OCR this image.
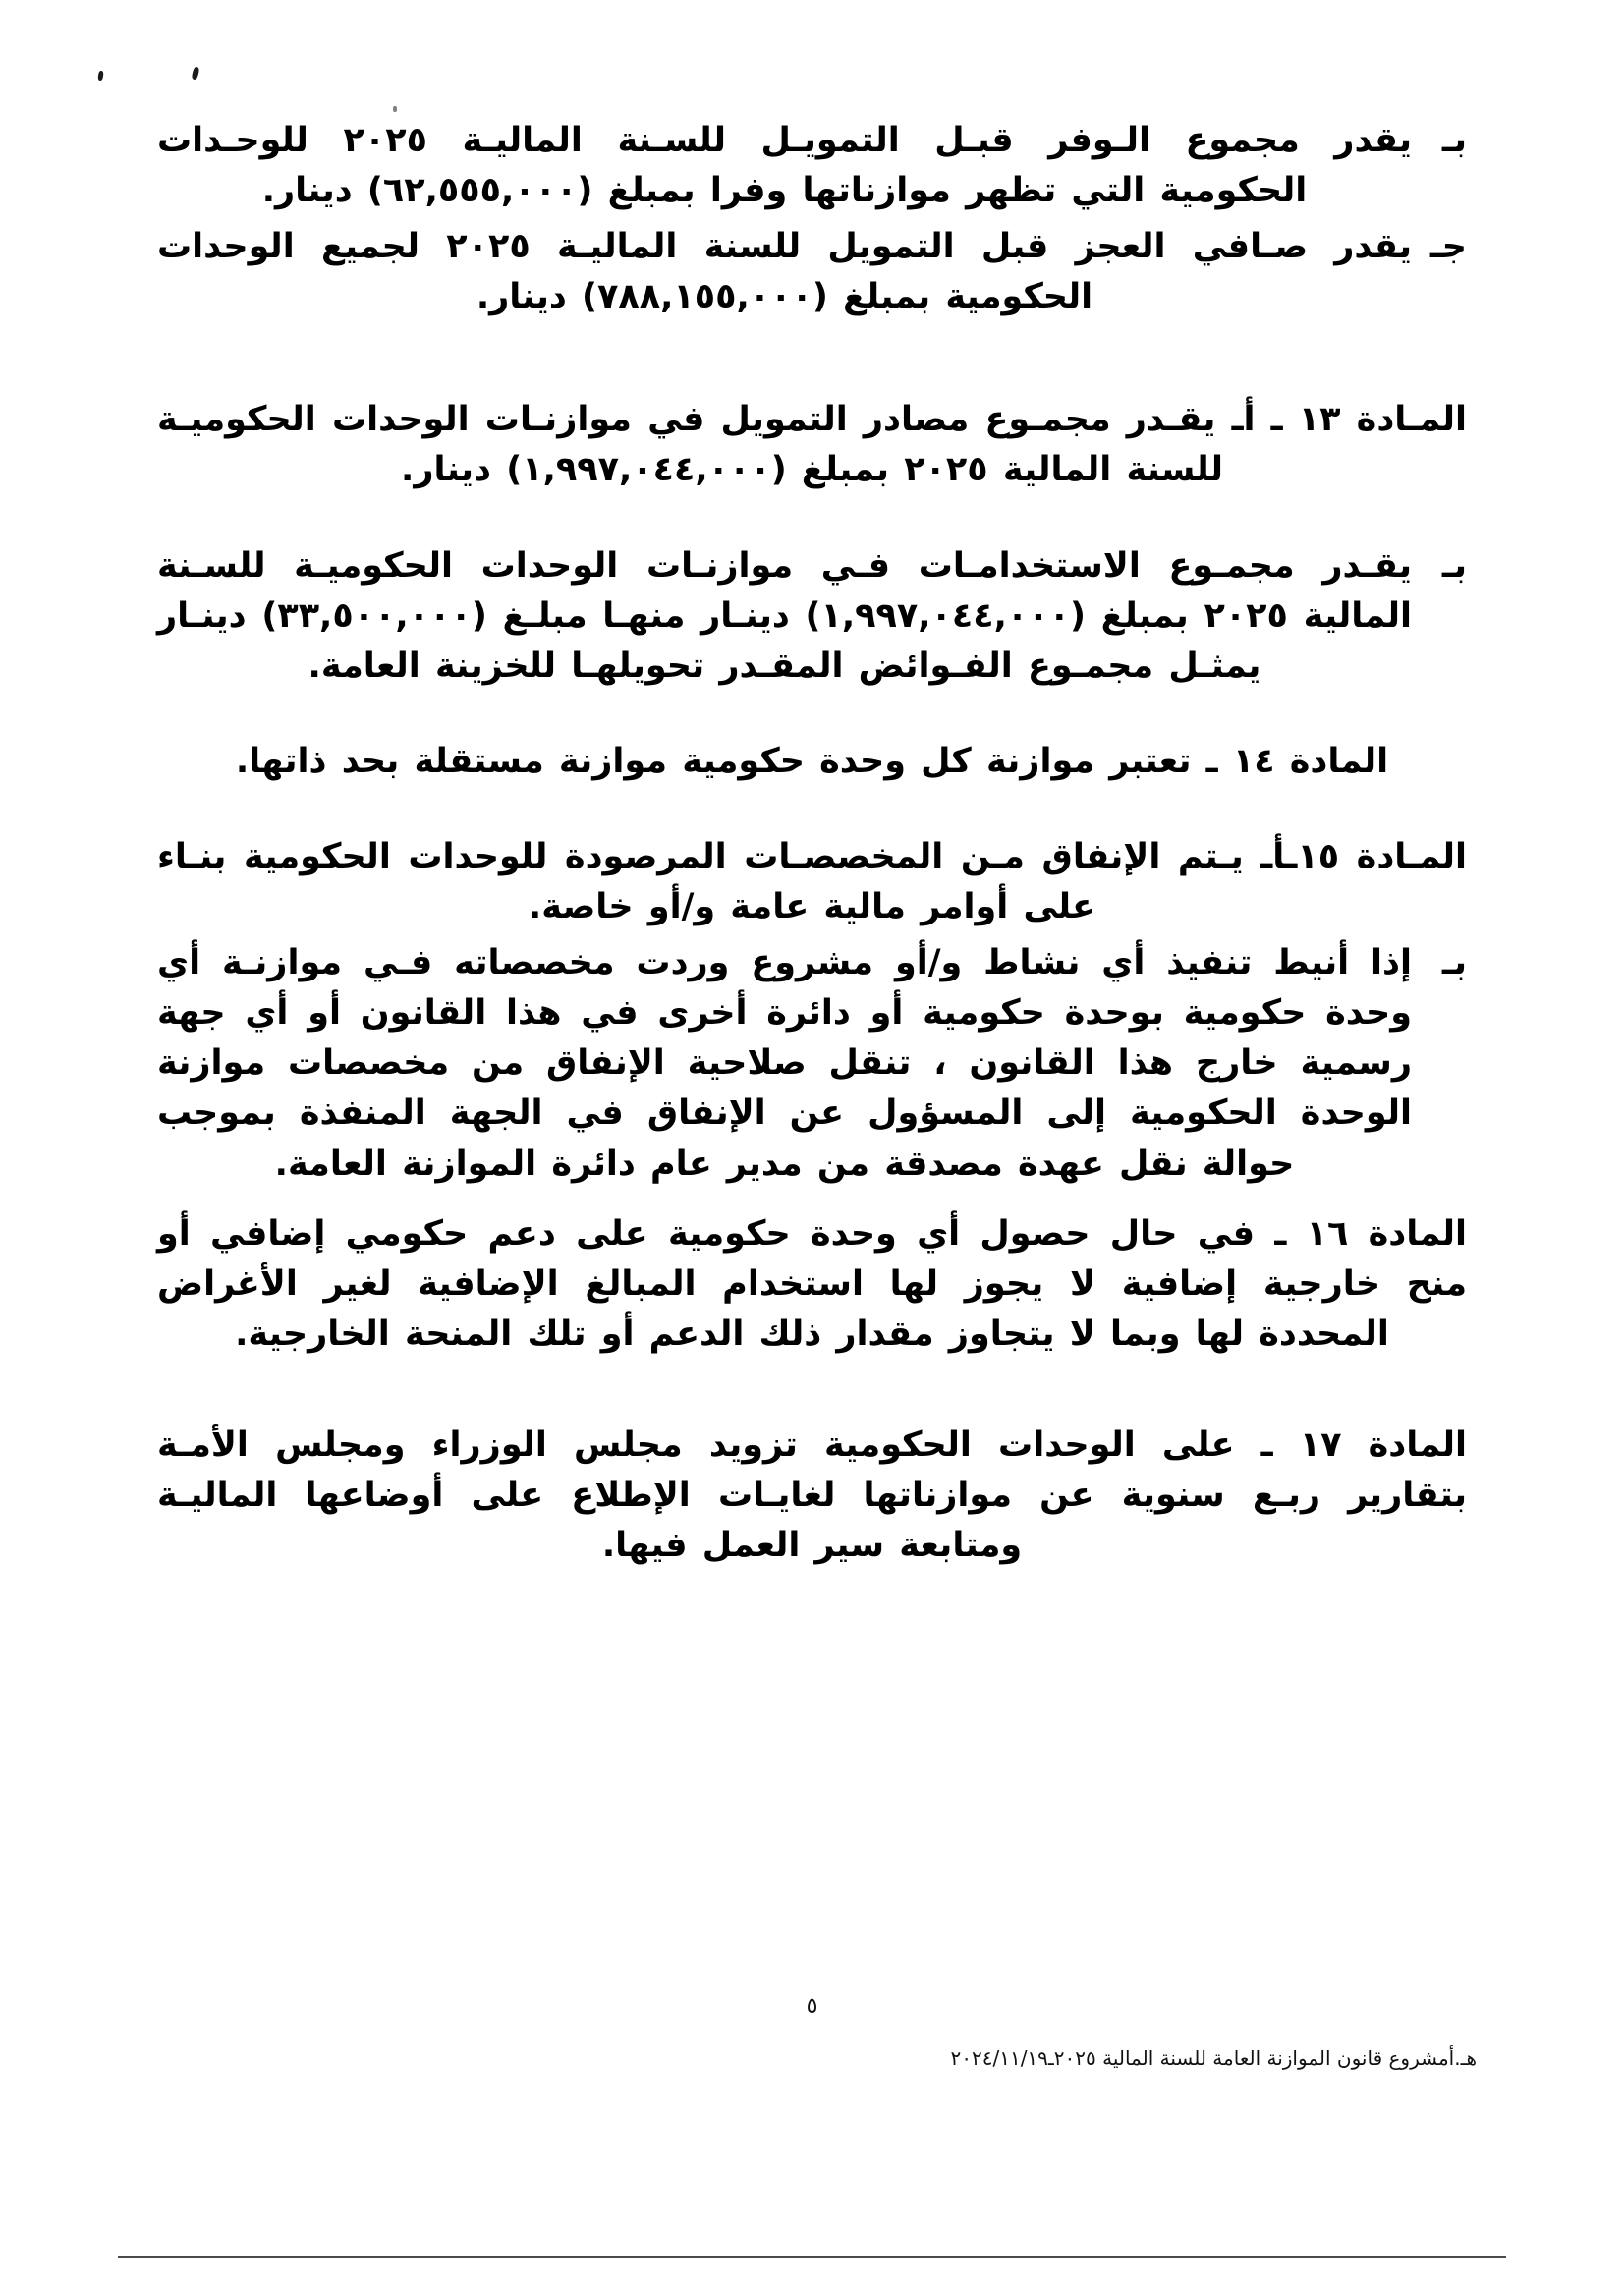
بـ

يقدر مجموع الـوفر قبـل التمويـل للسـنة الماليـة ٢٠٢٥ للوحـدات الحكومية التي تظهر موازناتها وفرا بمبلغ (٦٢,٥٥٥,٠٠٠) دينار.

جـ

يقدر صـافي العجز قبل التمويل للسنة الماليـة ٢٠٢٥ لجميع الوحدات الحكومية بمبلغ (٧٨٨,١٥٥,٠٠٠) دينار.

المـادة ١٣ ـ أـ يقـدر مجمـوع مصادر التمويل في موازنـات الوحدات الحكوميـة للسنة المالية ٢٠٢٥ بمبلغ (١,٩٩٧,٠٤٤,٠٠٠) دينار.

بـ

يقـدر مجمـوع الاستخدامـات فـي موازنـات الوحدات الحكوميـة للسـنة المالية ٢٠٢٥ بمبلغ (١,٩٩٧,٠٤٤,٠٠٠) دينـار منهـا مبلـغ (٣٣,٥٠٠,٠٠٠) دينـار يمثـل مجمـوع الفـوائض المقـدر تحويلهـا للخزينة العامة.

المادة ١٤ ـ تعتبر موازنة كل وحدة حكومية موازنة مستقلة بحد ذاتها.

المـادة ١٥ـأـ يـتم الإنفاق مـن المخصصـات المرصودة للوحدات الحكومية بنـاء على أوامر مالية عامة و/أو خاصة.

بـ

إذا أنيط تنفيذ أي نشاط و/أو مشروع وردت مخصصاته فـي موازنـة أي وحدة حكومية بوحدة حكومية أو دائرة أخرى في هذا القانون أو أي جهة رسمية خارج هذا القانون ، تنقل صلاحية الإنفاق من مخصصات موازنة الوحدة الحكومية إلى المسؤول عن الإنفاق في الجهة المنفذة بموجب حوالة نقل عهدة مصدقة من مدير عام دائرة الموازنة العامة.

المادة ١٦ ـ في حال حصول أي وحدة حكومية على دعم حكومي إضافي أو منح خارجية إضافية لا يجوز لها استخدام المبالغ الإضافية لغير الأغراض المحددة لها وبما لا يتجاوز مقدار ذلك الدعم أو تلك المنحة الخارجية.

المادة ١٧ ـ على الوحدات الحكومية تزويد مجلس الوزراء ومجلس الأمـة بتقارير ربـع سنوية عن موازناتها لغايـات الإطلاع على أوضاعها الماليـة ومتابعة سير العمل فيها.

٥
هـ.أمشروع قانون الموازنة العامة للسنة المالية ٢٠٢٥ـ٢٠٢٤/١١/١٩
